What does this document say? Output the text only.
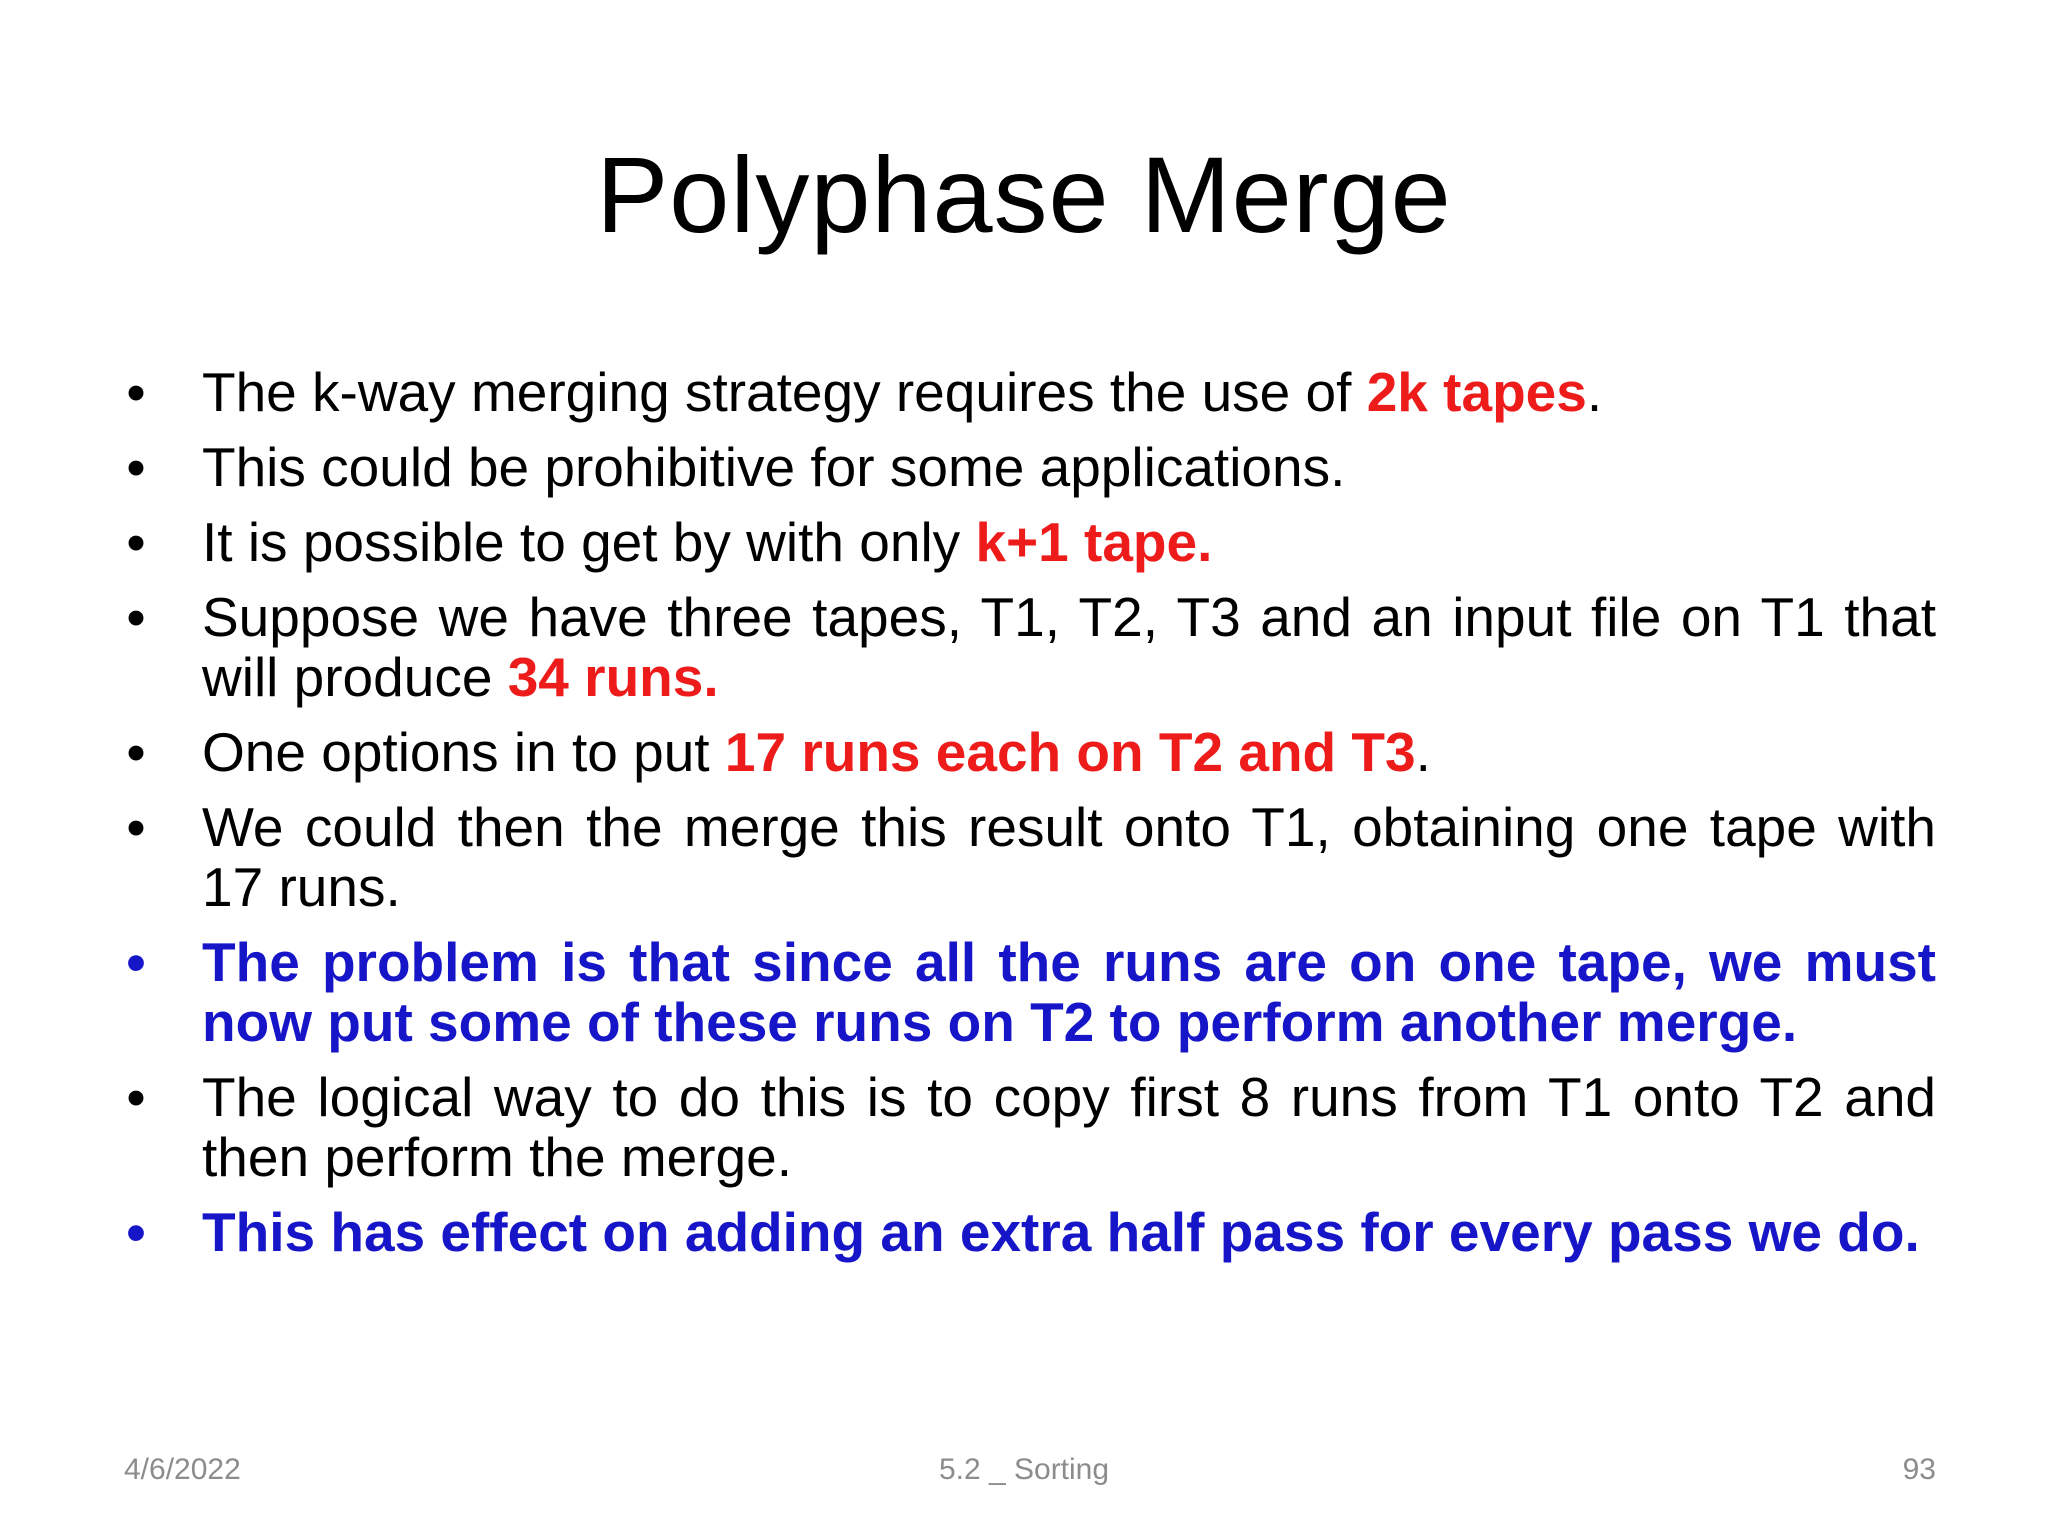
Polyphase Merge
• The k-way merging strategy requires the use of 2k tapes.
• This could be prohibitive for some applications.
• It is possible to get by with only k+1 tape.
• Suppose we have three tapes, T1, T2, T3 and an input file on T1 that will produce 34 runs.
• One options in to put 17 runs each on T2 and T3.
• We could then the merge this result onto T1, obtaining one tape with 17 runs.
• The problem is that since all the runs are on one tape, we must now put some of these runs on T2 to perform another merge.
• The logical way to do this is to copy first 8 runs from T1 onto T2 and then perform the merge.
• This has effect on adding an extra half pass for every pass we do.
4/6/2022	5.2 _ Sorting	93
